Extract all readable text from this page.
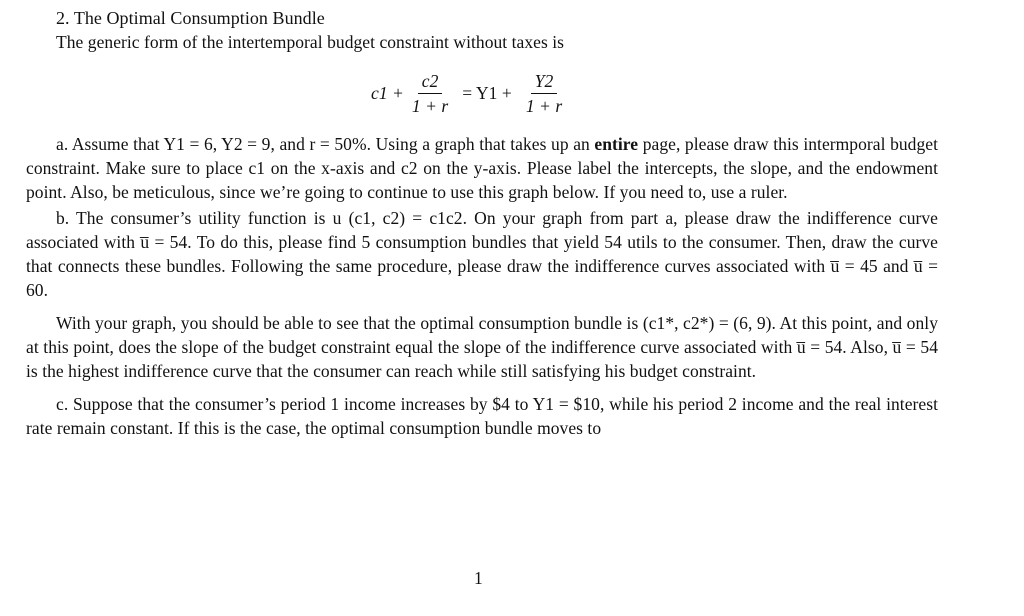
2. The Optimal Consumption Bundle

The generic form of the intertemporal budget constraint without taxes is

$c1 + \frac{c2}{1 + r} = Y1 + \frac{Y2}{1 + r}$

a. Assume that Y1 = 6, Y2 = 9, and r = 50%. Using a graph that takes up an entire page, please draw this intermporal budget constraint. Make sure to place c1 on the x-axis and c2 on the y-axis. Please label the intercepts, the slope, and the endowment point. Also, be meticulous, since we’re going to continue to use this graph below. If you need to, use a ruler.

b. The consumer’s utility function is u (c1, c2) = c1c2. On your graph from part a, please draw the indifference curve associated with u̅ = 54. To do this, please find 5 consumption bundles that yield 54 utils to the consumer. Then, draw the curve that connects these bundles. Following the same procedure, please draw the indifference curves associated with u̅ = 45 and u̅ = 60.

With your graph, you should be able to see that the optimal consumption bundle is (c1*, c2*) = (6, 9). At this point, and only at this point, does the slope of the budget constraint equal the slope of the indifference curve associated with u̅ = 54. Also, u̅ = 54 is the highest indifference curve that the consumer can reach while still satisfying his budget constraint.

c. Suppose that the consumer’s period 1 income increases by $4 to Y1 = $10, while his period 2 income and the real interest rate remain constant. If this is the case, the optimal consumption bundle moves to

1
